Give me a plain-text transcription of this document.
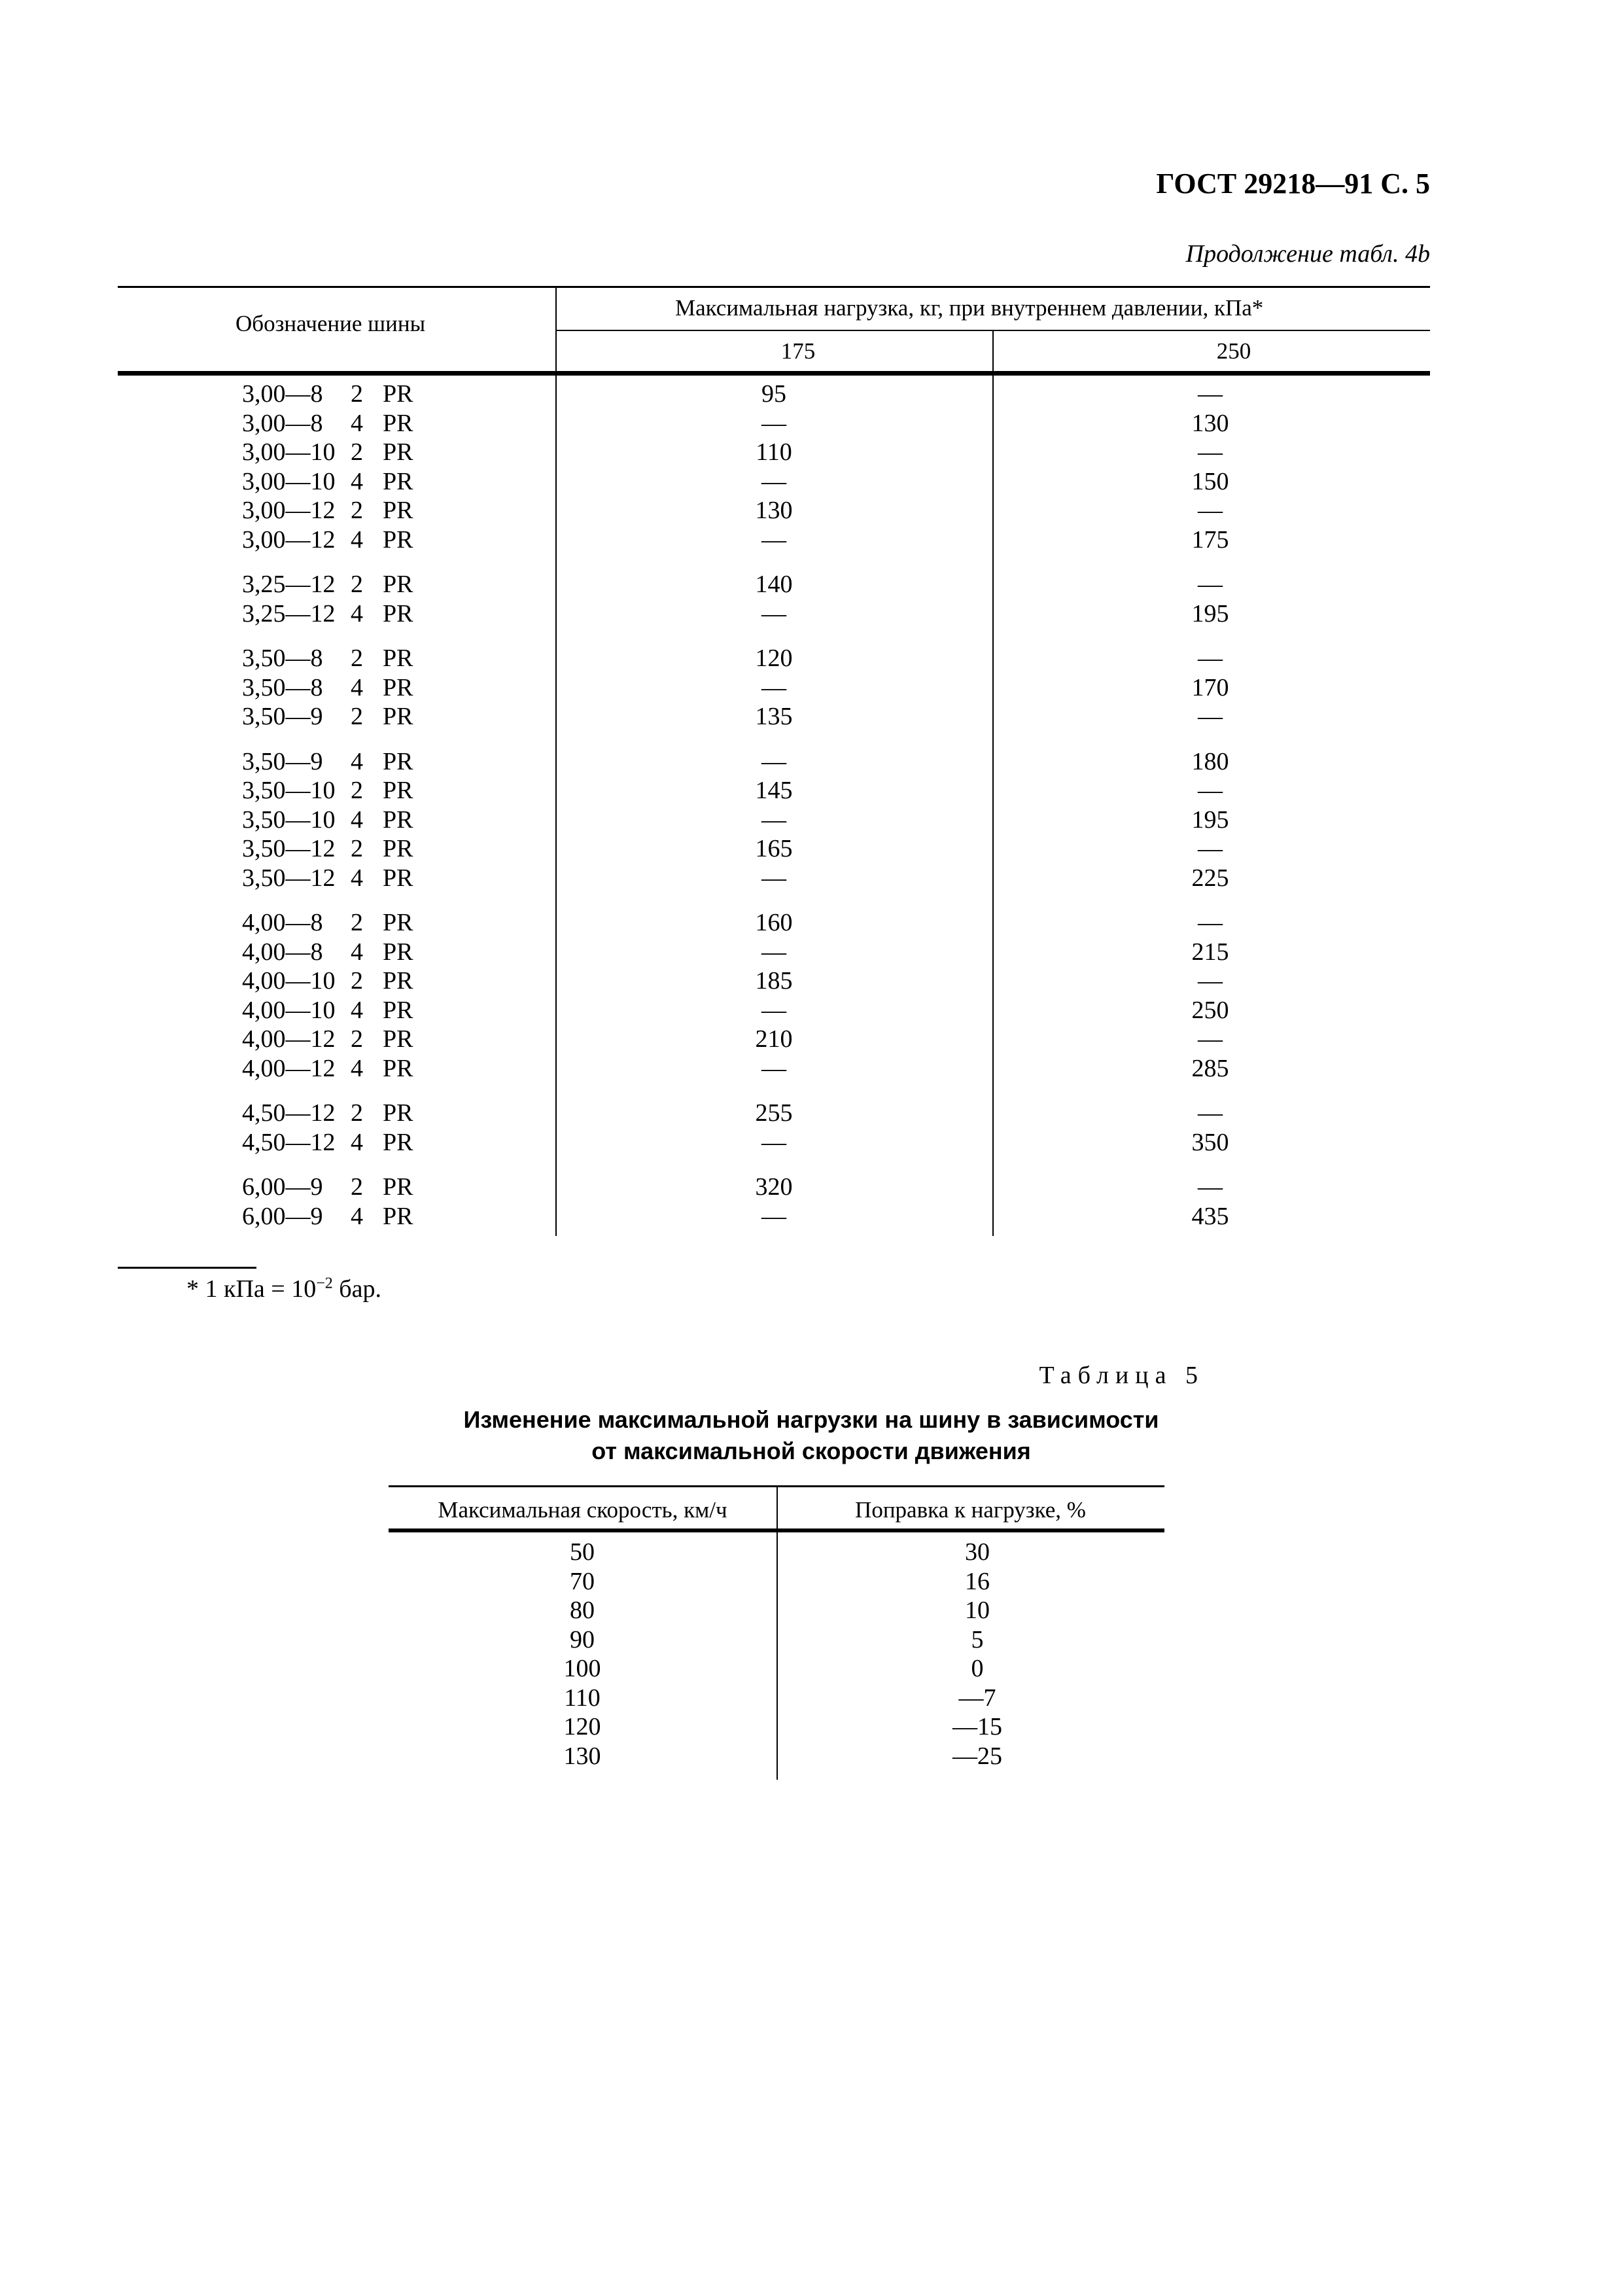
ГОСТ 29218—91 С. 5
Продолжение табл. 4b
Обозначение шины
Максимальная нагрузка, кг, при внутреннем давлении, кПа*
175	250
3,00—8 2 PR	95	—
3,00—8 4 PR	—	130
3,00—10 2 PR	110	—
3,00—10 4 PR	—	150
3,00—12 2 PR	130	—
3,00—12 4 PR	—	175
3,25—12 2 PR	140	—
3,25—12 4 PR	—	195
3,50—8 2 PR	120	—
3,50—8 4 PR	—	170
3,50—9 2 PR	135	—
3,50—9 4 PR	—	180
3,50—10 2 PR	145	—
3,50—10 4 PR	—	195
3,50—12 2 PR	165	—
3,50—12 4 PR	—	225
4,00—8 2 PR	160	—
4,00—8 4 PR	—	215
4,00—10 2 PR	185	—
4,00—10 4 PR	—	250
4,00—12 2 PR	210	—
4,00—12 4 PR	—	285
4,50—12 2 PR	255	—
4,50—12 4 PR	—	350
6,00—9 2 PR	320	—
6,00—9 4 PR	—	435
* 1 кПа = $10^{-2}$ бар.
Таблица 5
Изменение максимальной нагрузки на шину в зависимости
от максимальной скорости движения
Максимальная скорость, км/ч	Поправка к нагрузке, %
50	30
70	16
80	10
90	5
100	0
110	—7
120	—15
130	—25
